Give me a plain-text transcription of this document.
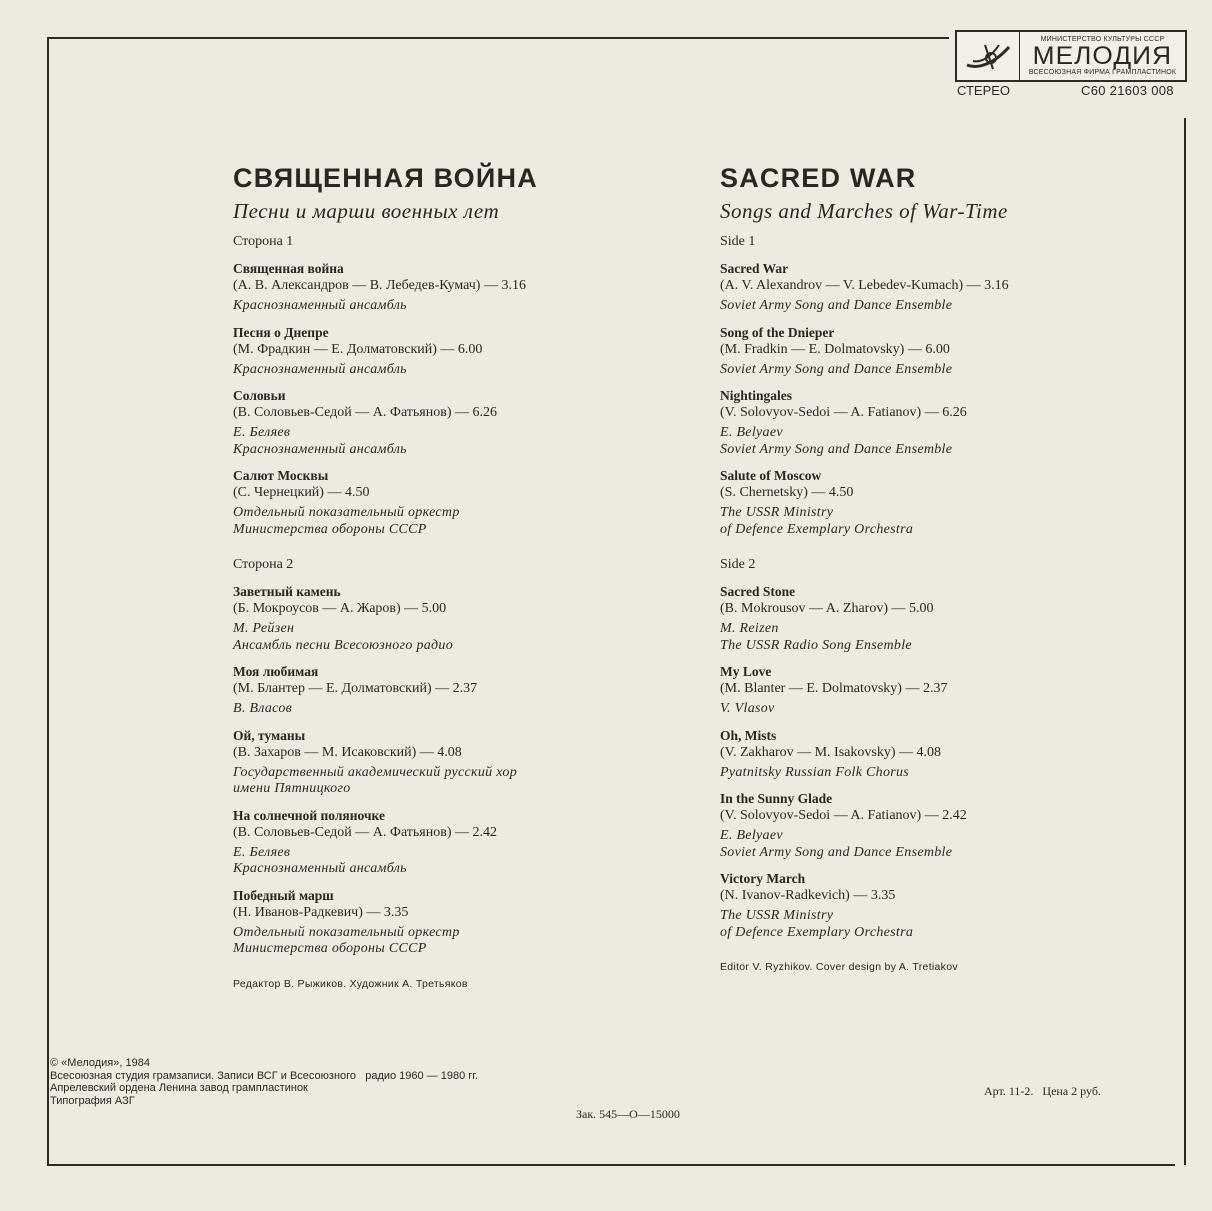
МИНИСТЕРСТВО КУЛЬТУРЫ СССР
МЕЛОДИЯ
ВСЕСОЮЗНАЯ ФИРМА ГРАМПЛАСТИНОК
СТЕРЕО	С60 21603 008
СВЯЩЕННАЯ ВОЙНА
Песни и марши военных лет
Сторона 1
Священная война
(А. В. Александров — В. Лебедев-Кумач) — 3.16
Краснознаменный ансамбль
Песня о Днепре
(М. Фрадкин — Е. Долматовский) — 6.00
Краснознаменный ансамбль
Соловьи
(В. Соловьев-Седой — А. Фатьянов) — 6.26
Е. Беляев
Краснознаменный ансамбль
Салют Москвы
(С. Чернецкий) — 4.50
Отдельный показательный оркестр
Министерства обороны СССР
Сторона 2
Заветный камень
(Б. Мокроусов — А. Жаров) — 5.00
М. Рейзен
Ансамбль песни Всесоюзного радио
Моя любимая
(М. Блантер — Е. Долматовский) — 2.37
В. Власов
Ой, туманы
(В. Захаров — М. Исаковский) — 4.08
Государственный академический русский хор
имени Пятницкого
На солнечной поляночке
(В. Соловьев-Седой — А. Фатьянов) — 2.42
Е. Беляев
Краснознаменный ансамбль
Победный марш
(Н. Иванов-Радкевич) — 3.35
Отдельный показательный оркестр
Министерства обороны СССР
Редактор В. Рыжиков. Художник А. Третьяков
SACRED WAR
Songs and Marches of War-Time
Side 1
Sacred War
(A. V. Alexandrov — V. Lebedev-Kumach) — 3.16
Soviet Army Song and Dance Ensemble
Song of the Dnieper
(M. Fradkin — E. Dolmatovsky) — 6.00
Soviet Army Song and Dance Ensemble
Nightingales
(V. Solovyov-Sedoi — A. Fatianov) — 6.26
E. Belyaev
Soviet Army Song and Dance Ensemble
Salute of Moscow
(S. Chernetsky) — 4.50
The USSR Ministry
of Defence Exemplary Orchestra
Side 2
Sacred Stone
(B. Mokrousov — A. Zharov) — 5.00
M. Reizen
The USSR Radio Song Ensemble
My Love
(M. Blanter — E. Dolmatovsky) — 2.37
V. Vlasov
Oh, Mists
(V. Zakharov — M. Isakovsky) — 4.08
Pyatnitsky Russian Folk Chorus
In the Sunny Glade
(V. Solovyov-Sedoi — A. Fatianov) — 2.42
E. Belyaev
Soviet Army Song and Dance Ensemble
Victory March
(N. Ivanov-Radkevich) — 3.35
The USSR Ministry
of Defence Exemplary Orchestra
Editor V. Ryzhikov. Cover design by A. Tretiakov
© «Мелодия», 1984
Всесоюзная студия грамзаписи. Записи ВСГ и Всесоюзного   радио 1960 — 1980 гг.
Апрелевский ордена Ленина завод грампластинок
Типография АЗГ
Зак. 545—О—15000
Арт. 11-2.   Цена 2 руб.
